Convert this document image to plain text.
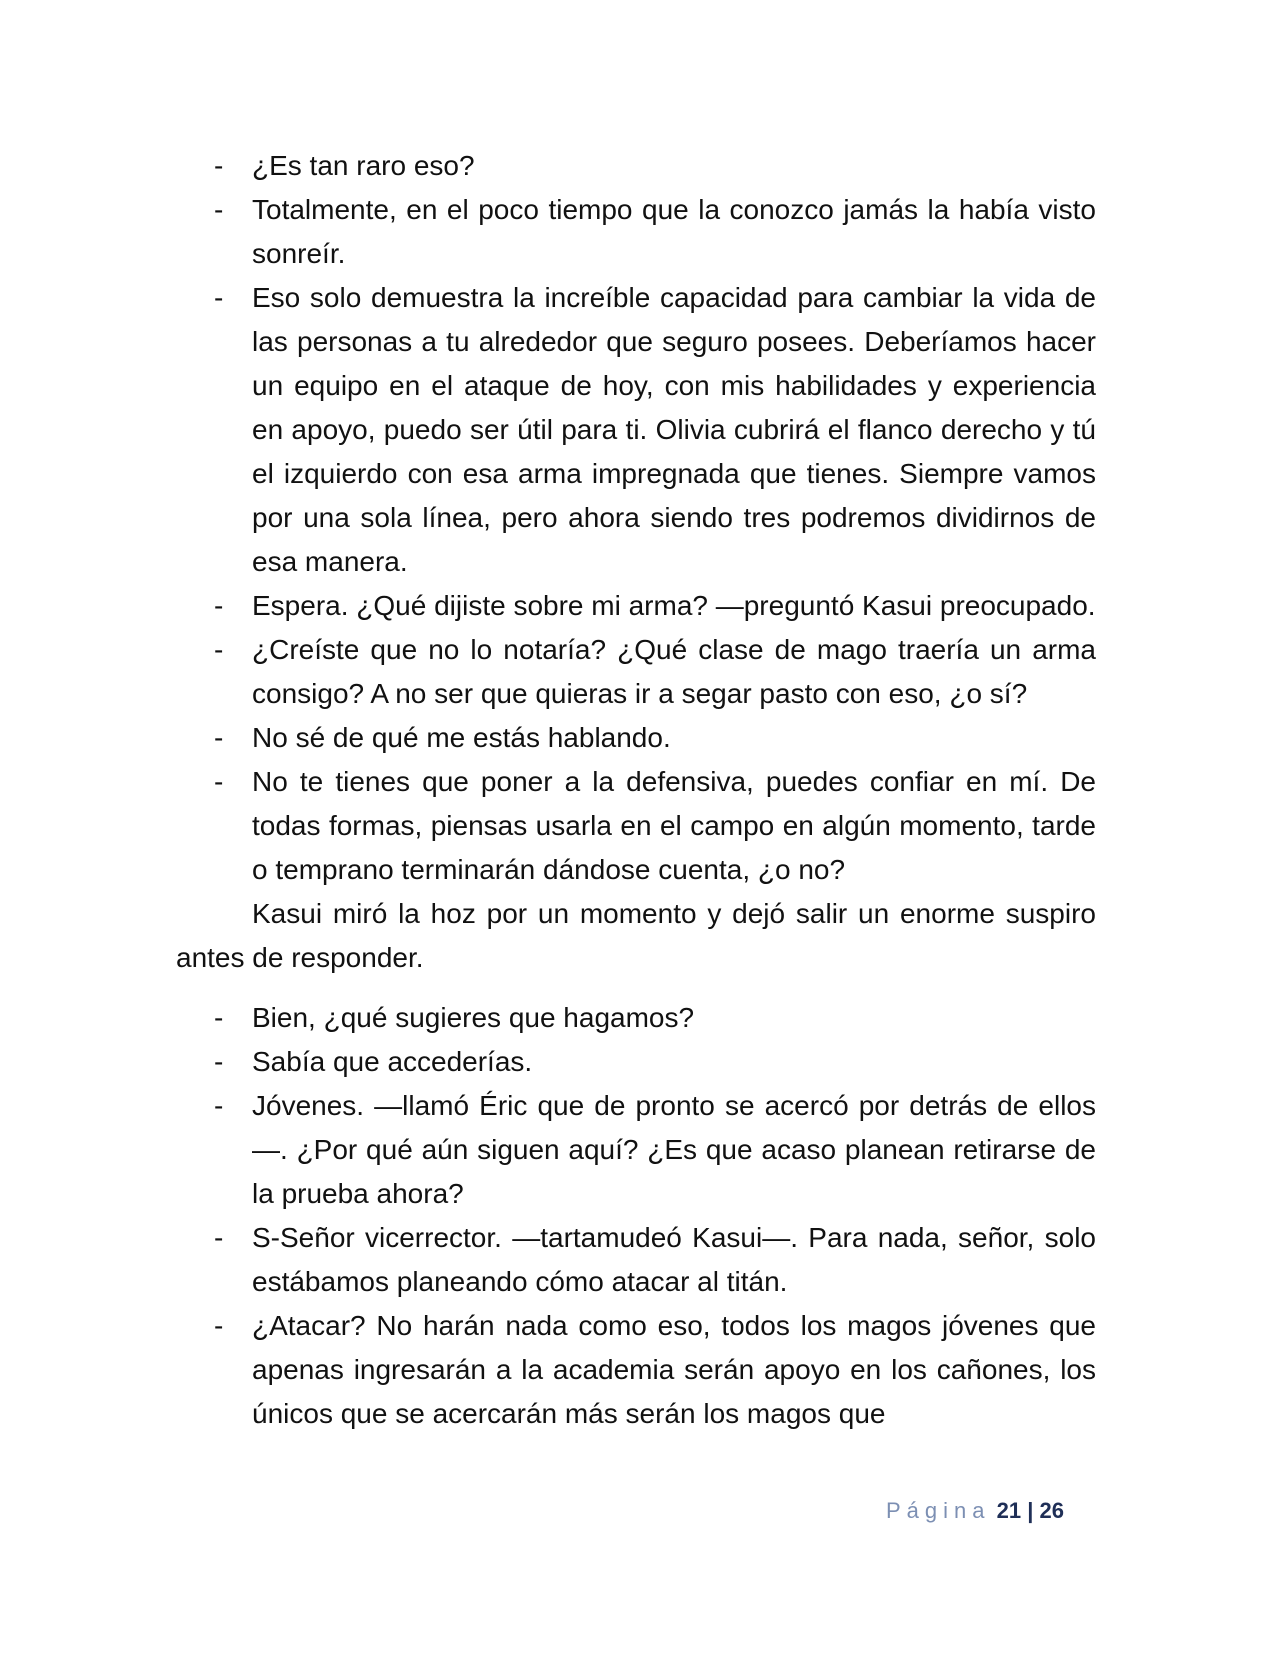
- ¿Es tan raro eso?
- Totalmente, en el poco tiempo que la conozco jamás la había visto sonreír.
- Eso solo demuestra la increíble capacidad para cambiar la vida de las personas a tu alrededor que seguro posees. Deberíamos hacer un equipo en el ataque de hoy, con mis habilidades y experiencia en apoyo, puedo ser útil para ti. Olivia cubrirá el flanco derecho y tú el izquierdo con esa arma impregnada que tienes. Siempre vamos por una sola línea, pero ahora siendo tres podremos dividirnos de esa manera.
- Espera. ¿Qué dijiste sobre mi arma? —preguntó Kasui preocupado.
- ¿Creíste que no lo notaría? ¿Qué clase de mago traería un arma consigo? A no ser que quieras ir a segar pasto con eso, ¿o sí?
- No sé de qué me estás hablando.
- No te tienes que poner a la defensiva, puedes confiar en mí. De todas formas, piensas usarla en el campo en algún momento, tarde o temprano terminarán dándose cuenta, ¿o no?

Kasui miró la hoz por un momento y dejó salir un enorme suspiro antes de responder.

- Bien, ¿qué sugieres que hagamos?
- Sabía que accederías.
- Jóvenes. —llamó Éric que de pronto se acercó por detrás de ellos—. ¿Por qué aún siguen aquí? ¿Es que acaso planean retirarse de la prueba ahora?
- S-Señor vicerrector. —tartamudeó Kasui—. Para nada, señor, solo estábamos planeando cómo atacar al titán.
- ¿Atacar? No harán nada como eso, todos los magos jóvenes que apenas ingresarán a la academia serán apoyo en los cañones, los únicos que se acercarán más serán los magos que
Página 21 | 26
